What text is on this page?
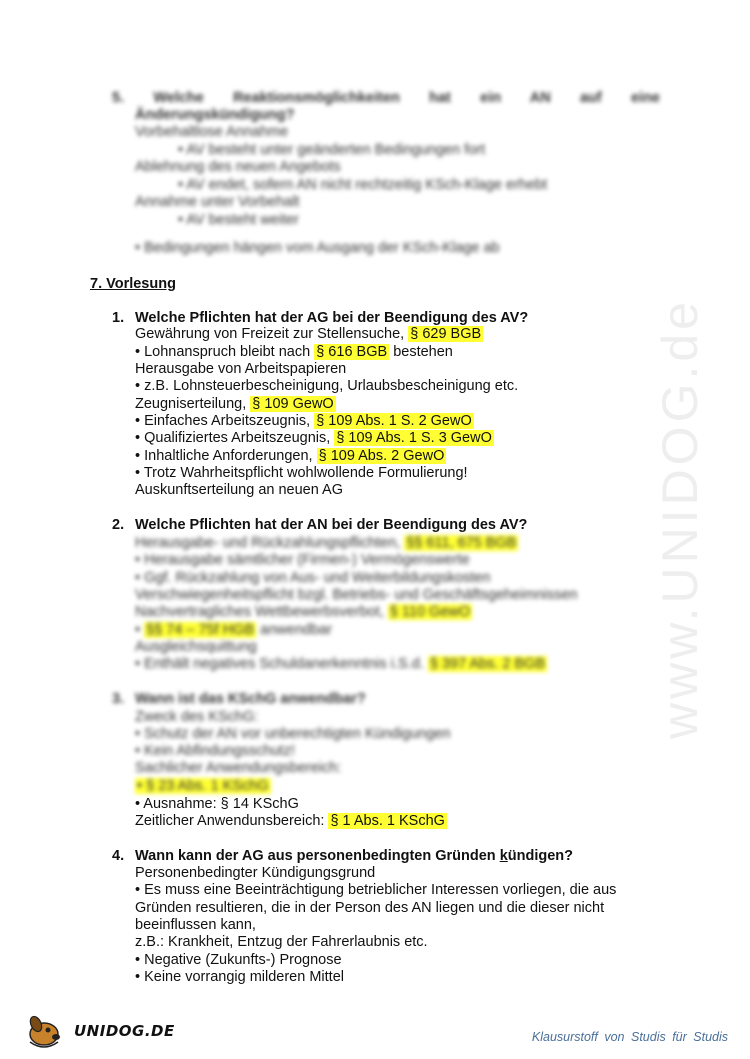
www.UNIDOG.de
5. Welche Reaktionsmöglichkeiten hat ein AN auf eine
Änderungskündigung?
Vorbehaltlose Annahme
• AV besteht unter geänderten Bedingungen fort
Ablehnung des neuen Angebots
• AV endet, sofern AN nicht rechtzeitig KSch-Klage erhebt
Annahme unter Vorbehalt
• AV besteht weiter
• Bedingungen hängen vom Ausgang der KSch-Klage ab
7. Vorlesung
1. Welche Pflichten hat der AG bei der Beendigung des AV?
Gewährung von Freizeit zur Stellensuche, § 629 BGB
• Lohnanspruch bleibt nach § 616 BGB bestehen
Herausgabe von Arbeitspapieren
• z.B. Lohnsteuerbescheinigung, Urlaubsbescheinigung etc.
Zeugniserteilung, § 109 GewO
• Einfaches Arbeitszeugnis, § 109 Abs. 1 S. 2 GewO
• Qualifiziertes Arbeitszeugnis, § 109 Abs. 1 S. 3 GewO
• Inhaltliche Anforderungen, § 109 Abs. 2 GewO
• Trotz Wahrheitspflicht wohlwollende Formulierung!
Auskunftserteilung an neuen AG
2. Welche Pflichten hat der AN bei der Beendigung des AV?
Herausgabe- und Rückzahlungspflichten, §§ 611, 675 BGB
• Herausgabe sämtlicher (Firmen-) Vermögenswerte
• Ggf. Rückzahlung von Aus- und Weiterbildungskosten
Verschwiegenheitspflicht bzgl. Betriebs- und Geschäftsgeheimnissen
Nachvertragliches Wettbewerbsverbot, § 110 GewO
• §§ 74 – 75f HGB anwendbar
Ausgleichsquittung
• Enthält negatives Schuldanerkenntnis i.S.d. § 397 Abs. 2 BGB
3. Wann ist das KSchG anwendbar?
Zweck des KSchG:
• Schutz der AN vor unberechtigten Kündigungen
• Kein Abfindungsschutz!
Sachlicher Anwendungsbereich:
• § 23 Abs. 1 KSchG
• Ausnahme: § 14 KSchG
Zeitlicher Anwendunsbereich: § 1 Abs. 1 KSchG
4. Wann kann der AG aus personenbedingten Gründen kündigen?
Personenbedingter Kündigungsgrund
• Es muss eine Beeinträchtigung betrieblicher Interessen vorliegen, die aus
Gründen resultieren, die in der Person des AN liegen und die dieser nicht
beeinflussen kann,
z.B.: Krankheit, Entzug der Fahrerlaubnis etc.
• Negative (Zukunfts-) Prognose
• Keine vorrangig milderen Mittel
UNIDOG.DE	Klausurstoff von Studis für Studis
